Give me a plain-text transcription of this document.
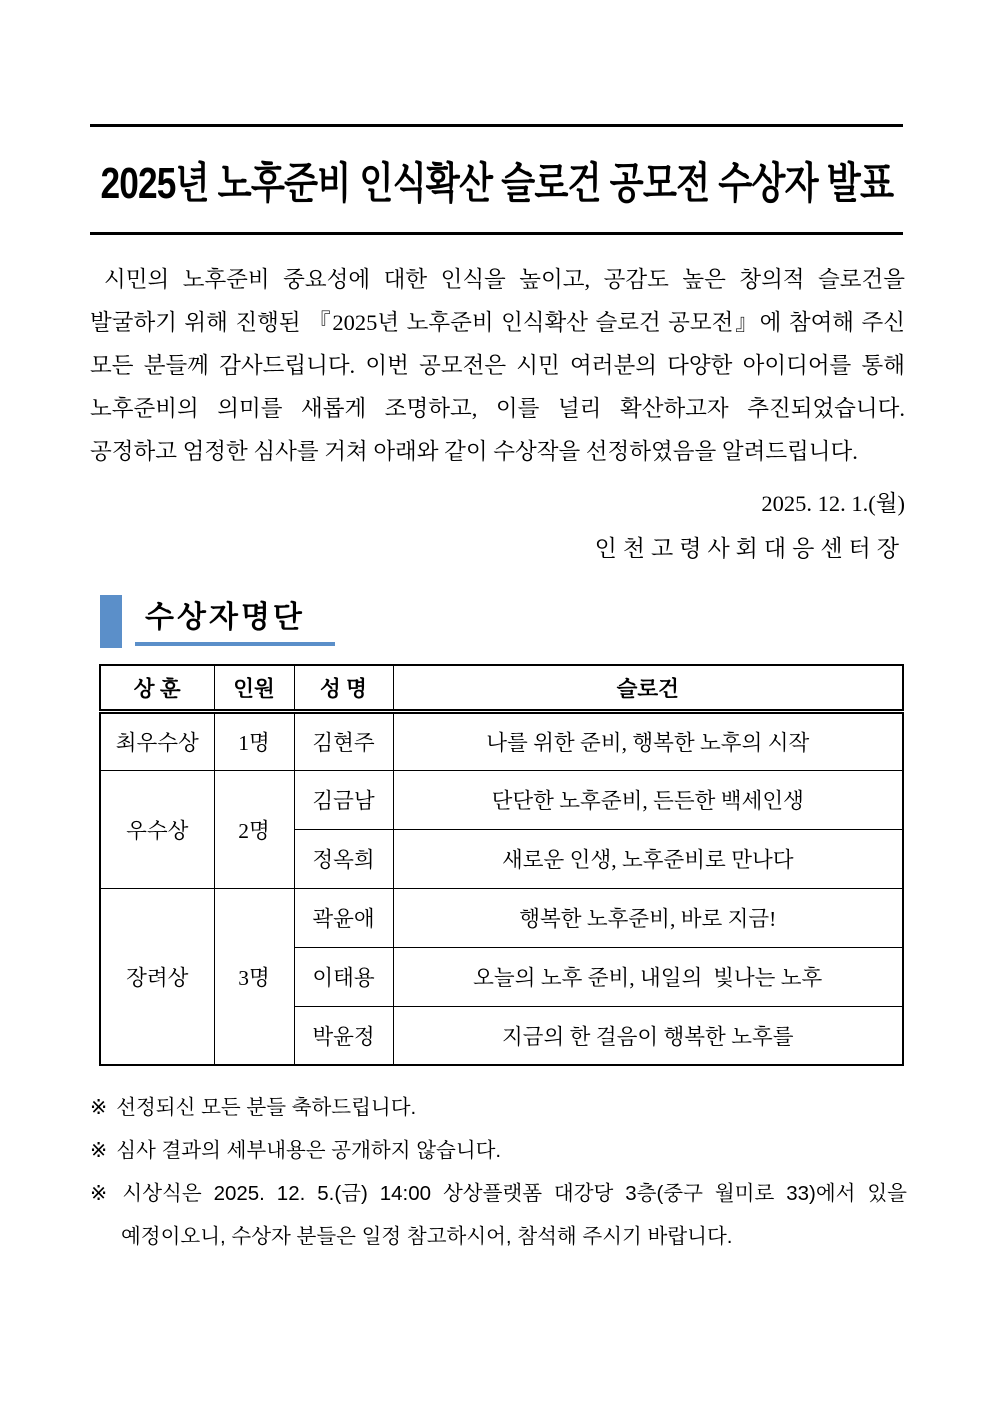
2025년 노후준비 인식확산 슬로건 공모전 수상자 발표

시민의 노후준비 중요성에 대한 인식을 높이고, 공감도 높은 창의적 슬로건을 발굴하기 위해 진행된 『2025년 노후준비 인식확산 슬로건 공모전』에 참여해 주신 모든 분들께 감사드립니다. 이번 공모전은 시민 여러분의 다양한 아이디어를 통해 노후준비의 의미를 새롭게 조명하고, 이를 널리 확산하고자 추진되었습니다. 공정하고 엄정한 심사를 거쳐 아래와 같이 수상작을 선정하였음을 알려드립니다.

2025. 12. 1.(월)
인천고령사회대응센터장
수상자명단
상 훈	인원	성 명	슬로건
최우수상	1명	김현주	나를 위한 준비, 행복한 노후의 시작
우수상	2명	김금남	단단한 노후준비, 든든한 백세인생
		정옥희	새로운 인생, 노후준비로 만나다
장려상	3명	곽윤애	행복한 노후준비, 바로 지금!
		이태용	오늘의 노후 준비, 내일의  빛나는 노후
		박윤정	지금의 한 걸음이 행복한 노후를
※ 선정되신 모든 분들 축하드립니다.
※ 심사 결과의 세부내용은 공개하지 않습니다.
※ 시상식은 2025. 12. 5.(금) 14:00 상상플랫폼 대강당 3층(중구 월미로 33)에서 있을 예정이오니, 수상자 분들은 일정 참고하시어, 참석해 주시기 바랍니다.
